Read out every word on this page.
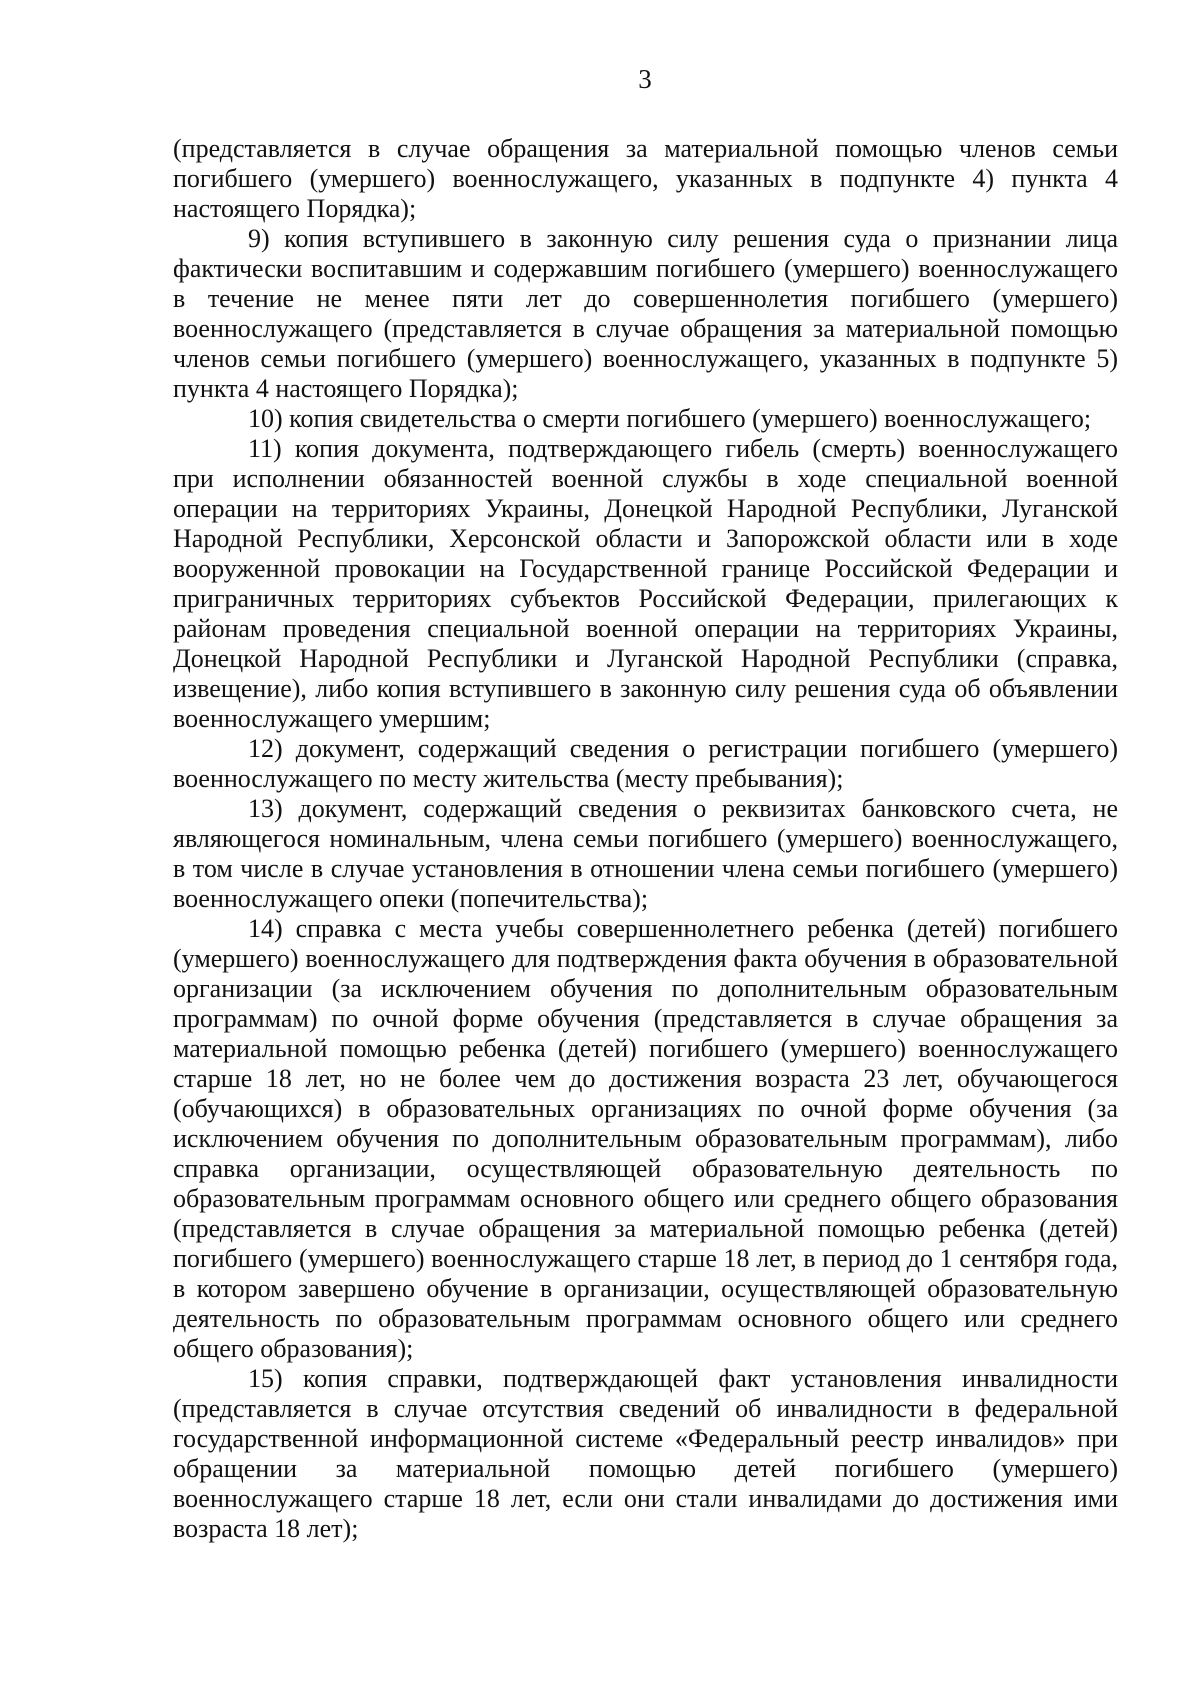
3

(представляется в случае обращения за материальной помощью членов семьи погибшего (умершего) военнослужащего, указанных в подпункте 4) пункта 4 настоящего Порядка);

9) копия вступившего в законную силу решения суда о признании лица фактически воспитавшим и содержавшим погибшего (умершего) военнослужащего в течение не менее пяти лет до совершеннолетия погибшего (умершего) военнослужащего (представляется в случае обращения за материальной помощью членов семьи погибшего (умершего) военнослужащего, указанных в подпункте 5) пункта 4 настоящего Порядка);

10) копия свидетельства о смерти погибшего (умершего) военнослужащего;

11) копия документа, подтверждающего гибель (смерть) военнослужащего при исполнении обязанностей военной службы в ходе специальной военной операции на территориях Украины, Донецкой Народной Республики, Луганской Народной Республики, Херсонской области и Запорожской области или в ходе вооруженной провокации на Государственной границе Российской Федерации и приграничных территориях субъектов Российской Федерации, прилегающих к районам проведения специальной военной операции на территориях Украины, Донецкой Народной Республики и Луганской Народной Республики (справка, извещение), либо копия вступившего в законную силу решения суда об объявлении военнослужащего умершим;

12) документ, содержащий сведения о регистрации погибшего (умершего) военнослужащего по месту жительства (месту пребывания);

13) документ, содержащий сведения о реквизитах банковского счета, не являющегося номинальным, члена семьи погибшего (умершего) военнослужащего, в том числе в случае установления в отношении члена семьи погибшего (умершего) военнослужащего опеки (попечительства);

14) справка с места учебы совершеннолетнего ребенка (детей) погибшего (умершего) военнослужащего для подтверждения факта обучения в образовательной организации (за исключением обучения по дополнительным образовательным программам) по очной форме обучения (представляется в случае обращения за материальной помощью ребенка (детей) погибшего (умершего) военнослужащего старше 18 лет, но не более чем до достижения возраста 23 лет, обучающегося (обучающихся) в образовательных организациях по очной форме обучения (за исключением обучения по дополнительным образовательным программам), либо справка организации, осуществляющей образовательную деятельность по образовательным программам основного общего или среднего общего образования (представляется в случае обращения за материальной помощью ребенка (детей) погибшего (умершего) военнослужащего старше 18 лет, в период до 1 сентября года, в котором завершено обучение в организации, осуществляющей образовательную деятельность по образовательным программам основного общего или среднего общего образования);

15) копия справки, подтверждающей факт установления инвалидности (представляется в случае отсутствия сведений об инвалидности в федеральной государственной информационной системе «Федеральный реестр инвалидов» при обращении за материальной помощью детей погибшего (умершего) военнослужащего старше 18 лет, если они стали инвалидами до достижения ими возраста 18 лет);
